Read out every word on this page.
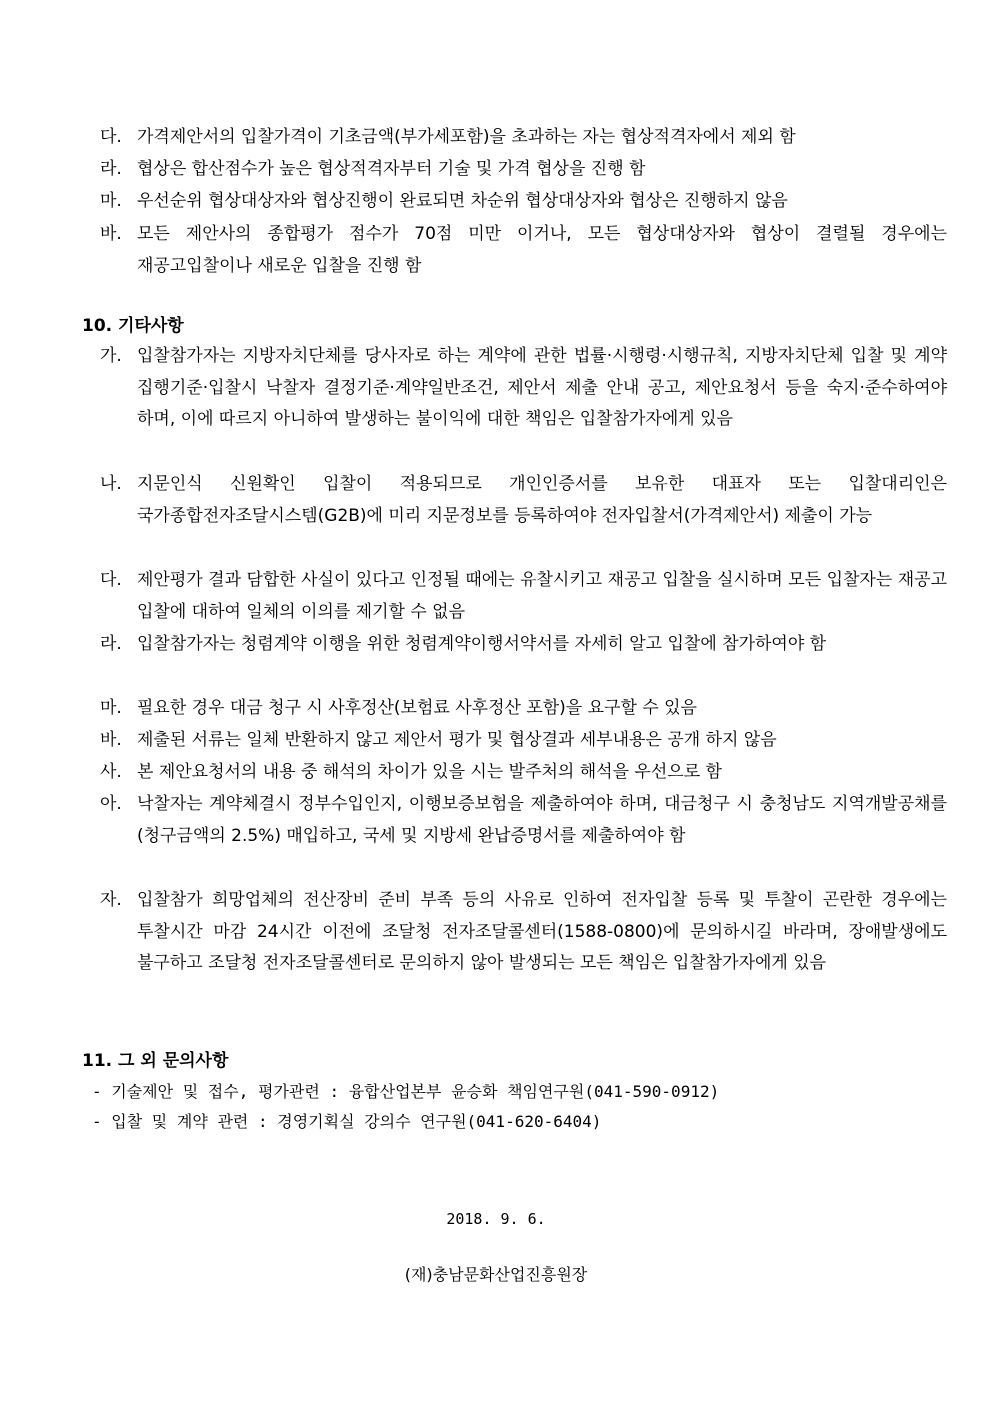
다. 가격제안서의 입찰가격이 기초금액(부가세포함)을 초과하는 자는 협상적격자에서 제외 함
라. 협상은 합산점수가 높은 협상적격자부터 기술 및 가격 협상을 진행 함
마. 우선순위 협상대상자와 협상진행이 완료되면 차순위 협상대상자와 협상은 진행하지 않음
바. 모든 제안사의 종합평가 점수가 70점 미만 이거나, 모든 협상대상자와 협상이 결렬될 경우에는 재공고입찰이나 새로운 입찰을 진행 함
10. 기타사항
가. 입찰참가자는 지방자치단체를 당사자로 하는 계약에 관한 법률·시행령·시행규칙, 지방자치단체 입찰 및 계약 집행기준·입찰시 낙찰자 결정기준·계약일반조건, 제안서 제출 안내 공고, 제안요청서 등을 숙지·준수하여야 하며, 이에 따르지 아니하여 발생하는 불이익에 대한 책임은 입찰참가자에게 있음
나. 지문인식 신원확인 입찰이 적용되므로 개인인증서를 보유한 대표자 또는 입찰대리인은 국가종합전자조달시스템(G2B)에 미리 지문정보를 등록하여야 전자입찰서(가격제안서) 제출이 가능
다. 제안평가 결과 담합한 사실이 있다고 인정될 때에는 유찰시키고 재공고 입찰을 실시하며 모든 입찰자는 재공고 입찰에 대하여 일체의 이의를 제기할 수 없음
라. 입찰참가자는 청렴계약 이행을 위한 청렴계약이행서약서를 자세히 알고 입찰에 참가하여야 함
마. 필요한 경우 대금 청구 시 사후정산(보험료 사후정산 포함)을 요구할 수 있음
바. 제출된 서류는 일체 반환하지 않고 제안서 평가 및 협상결과 세부내용은 공개 하지 않음
사. 본 제안요청서의 내용 중 해석의 차이가 있을 시는 발주처의 해석을 우선으로 함
아. 낙찰자는 계약체결시 정부수입인지, 이행보증보험을 제출하여야 하며, 대금청구 시 충청남도 지역개발공채를(청구금액의 2.5%) 매입하고, 국세 및 지방세 완납증명서를 제출하여야 함
자. 입찰참가 희망업체의 전산장비 준비 부족 등의 사유로 인하여 전자입찰 등록 및 투찰이 곤란한 경우에는 투찰시간 마감 24시간 이전에 조달청 전자조달콜센터(1588-0800)에 문의하시길 바라며, 장애발생에도 불구하고 조달청 전자조달콜센터로 문의하지 않아 발생되는 모든 책임은 입찰참가자에게 있음
11. 그 외 문의사항
- 기술제안 및 접수, 평가관련 : 융합산업본부 윤승화 책임연구원(041-590-0912)
- 입찰 및 계약 관련 : 경영기획실 강의수 연구원(041-620-6404)
2018. 9. 6.
(재)충남문화산업진흥원장
